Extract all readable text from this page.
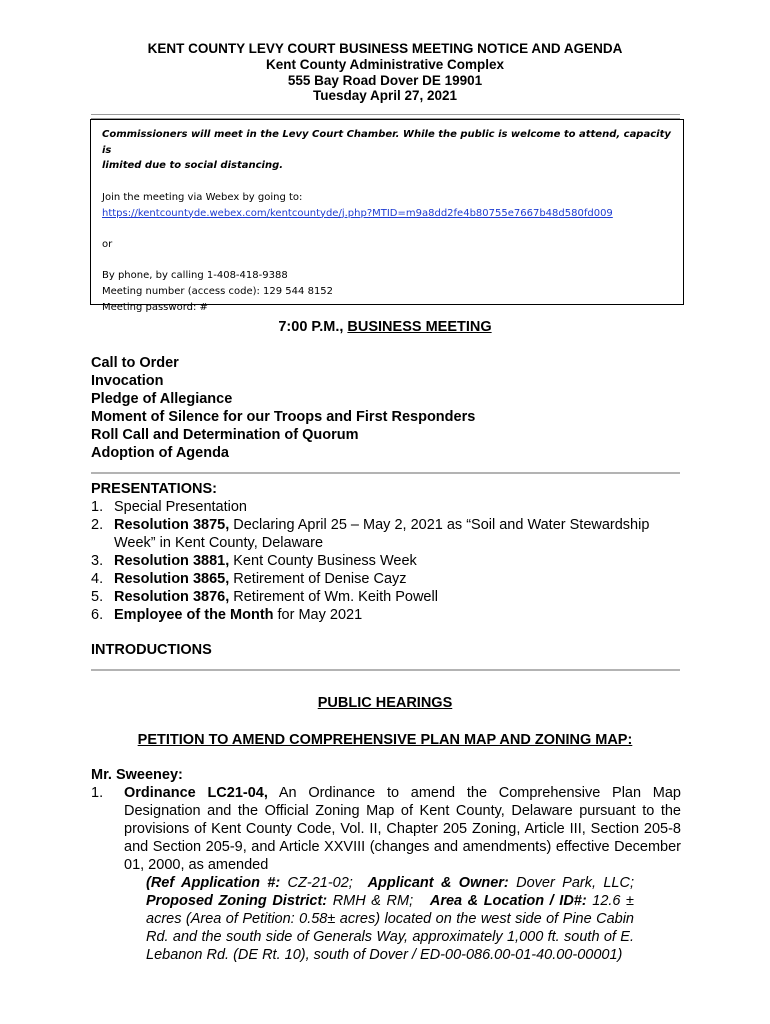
KENT COUNTY LEVY COURT BUSINESS MEETING NOTICE AND AGENDA
Kent County Administrative Complex
555 Bay Road Dover DE 19901
Tuesday April 27, 2021

Commissioners will meet in the Levy Court Chamber. While the public is welcome to attend, capacity is

limited due to social distancing.

Join the meeting via Webex by going to:

https://kentcountyde.webex.com/kentcountyde/j.php?MTID=m9a8dd2fe4b80755e7667b48d580fd009

or

By phone, by calling 1-408-418-9388

Meeting number (access code): 129 544 8152

Meeting password: #

7:00 P.M., BUSINESS MEETING
Call to Order
Invocation
Pledge of Allegiance
Moment of Silence for our Troops and First Responders
Roll Call and Determination of Quorum
Adoption of Agenda
PRESENTATIONS:
1. Special Presentation
2. Resolution 3875, Declaring April 25 – May 2, 2021 as “Soil and Water Stewardship Week” in Kent County, Delaware
3. Resolution 3881, Kent County Business Week
4. Resolution 3865, Retirement of Denise Cayz
5. Resolution 3876, Retirement of Wm. Keith Powell
6. Employee of the Month for May 2021
INTRODUCTIONS
PUBLIC HEARINGS
PETITION TO AMEND COMPREHENSIVE PLAN MAP AND ZONING MAP:
Mr. Sweeney:
1. Ordinance LC21-04, An Ordinance to amend the Comprehensive Plan Map Designation and the Official Zoning Map of Kent County, Delaware pursuant to the provisions of Kent County Code, Vol. II, Chapter 205 Zoning, Article III, Section 205-8 and Section 205-9, and Article XXVIII (changes and amendments) effective December 01, 2000, as amended
(Ref Application #: CZ-21-02; Applicant & Owner: Dover Park, LLC; Proposed Zoning District: RMH & RM; Area & Location / ID#: 12.6 ± acres (Area of Petition: 0.58± acres) located on the west side of Pine Cabin Rd. and the south side of Generals Way, approximately 1,000 ft. south of E. Lebanon Rd. (DE Rt. 10), south of Dover / ED-00-086.00-01-40.00-00001)
